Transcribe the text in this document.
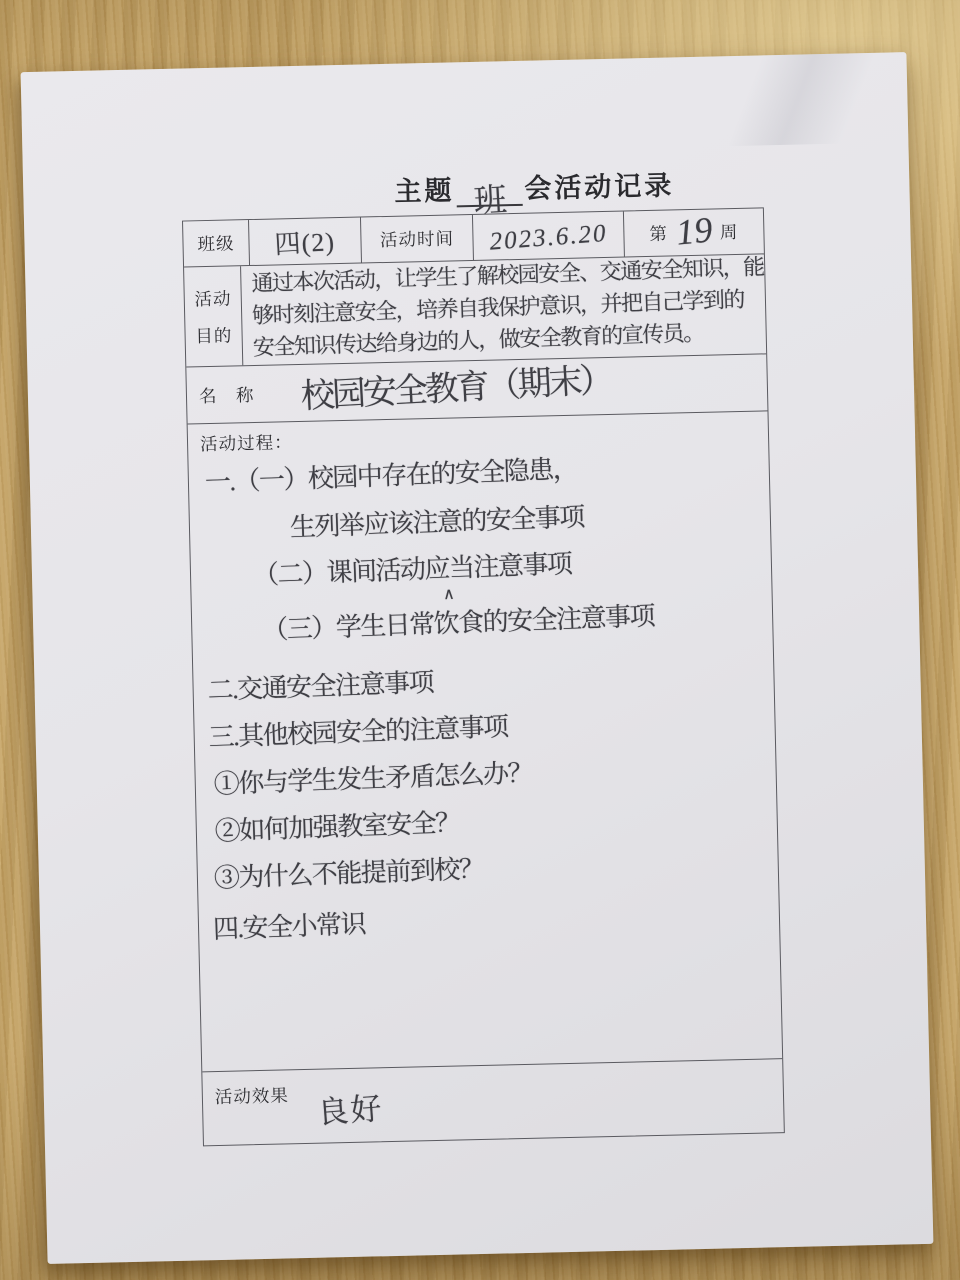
主题 班 会活动记录
班级	四(2)	活动时间	2023.6.20 第 19 周
活动
目的
通过本次活动，让学生了解校园安全、交通安全知识，能
够时刻注意安全，培养自我保护意识，并把自己学到的
安全知识传达给身边的人，做安全教育的宣传员。
名　称 校园安全教育（期末）
活动过程：
一.（一）校园中存在的安全隐患，
生列举应该注意的安全事项
（二）课间活动应当注意事项
（三）学生日常饮食的安全注意事项
∧
二.交通安全注意事项
三.其他校园安全的注意事项
①你与学生发生矛盾怎么办？
②如何加强教室安全？
③为什么不能提前到校？
四.安全小常识
活动效果 良好
